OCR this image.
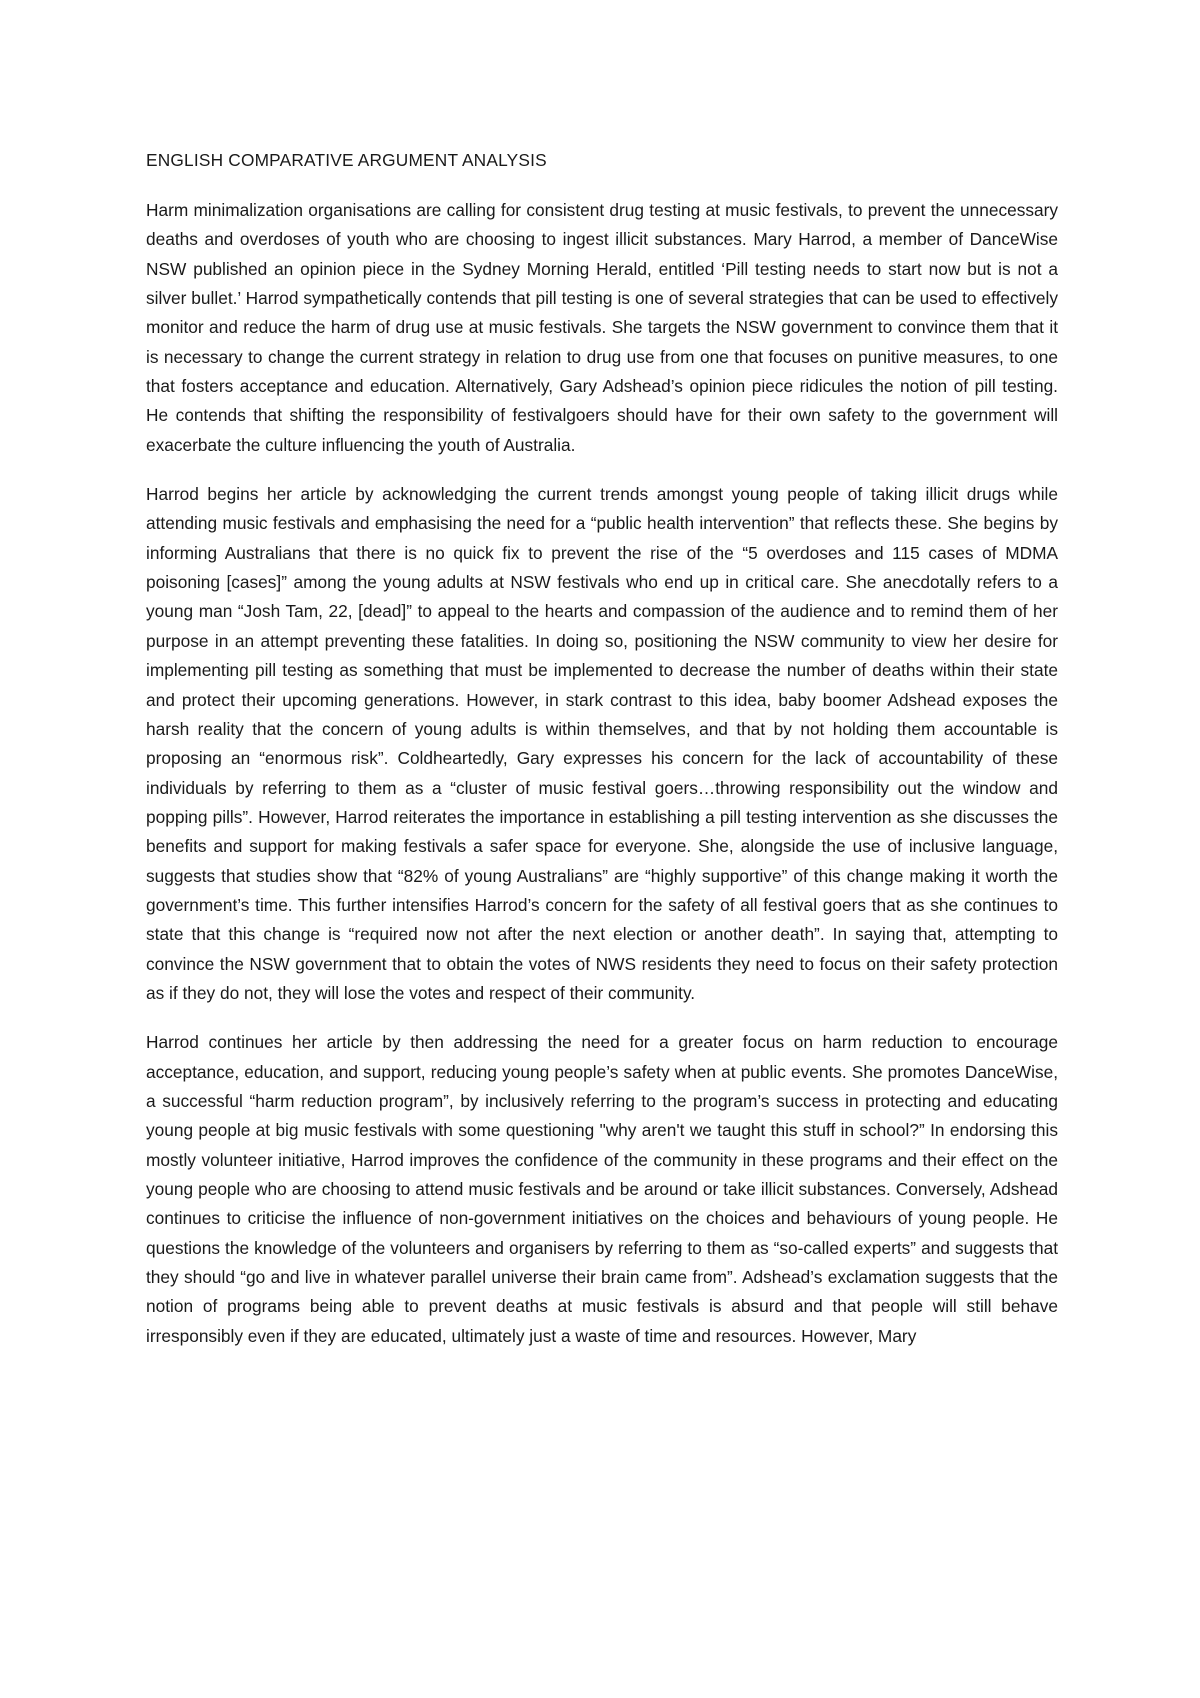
ENGLISH COMPARATIVE ARGUMENT ANALYSIS

Harm minimalization organisations are calling for consistent drug testing at music festivals, to prevent the unnecessary deaths and overdoses of youth who are choosing to ingest illicit substances. Mary Harrod, a member of DanceWise NSW published an opinion piece in the Sydney Morning Herald, entitled ‘Pill testing needs to start now but is not a silver bullet.’ Harrod sympathetically contends that pill testing is one of several strategies that can be used to effectively monitor and reduce the harm of drug use at music festivals. She targets the NSW government to convince them that it is necessary to change the current strategy in relation to drug use from one that focuses on punitive measures, to one that fosters acceptance and education. Alternatively, Gary Adshead’s opinion piece ridicules the notion of pill testing. He contends that shifting the responsibility of festivalgoers should have for their own safety to the government will exacerbate the culture influencing the youth of Australia.

Harrod begins her article by acknowledging the current trends amongst young people of taking illicit drugs while attending music festivals and emphasising the need for a “public health intervention” that reflects these. She begins by informing Australians that there is no quick fix to prevent the rise of the “5 overdoses and 115 cases of MDMA poisoning [cases]” among the young adults at NSW festivals who end up in critical care. She anecdotally refers to a young man “Josh Tam, 22, [dead]” to appeal to the hearts and compassion of the audience and to remind them of her purpose in an attempt preventing these fatalities. In doing so, positioning the NSW community to view her desire for implementing pill testing as something that must be implemented to decrease the number of deaths within their state and protect their upcoming generations. However, in stark contrast to this idea, baby boomer Adshead exposes the harsh reality that the concern of young adults is within themselves, and that by not holding them accountable is proposing an “enormous risk”. Coldheartedly, Gary expresses his concern for the lack of accountability of these individuals by referring to them as a “cluster of music festival goers…throwing responsibility out the window and popping pills”. However, Harrod reiterates the importance in establishing a pill testing intervention as she discusses the benefits and support for making festivals a safer space for everyone. She, alongside the use of inclusive language, suggests that studies show that “82% of young Australians” are “highly supportive” of this change making it worth the government’s time. This further intensifies Harrod’s concern for the safety of all festival goers that as she continues to state that this change is “required now not after the next election or another death”. In saying that, attempting to convince the NSW government that to obtain the votes of NWS residents they need to focus on their safety protection as if they do not, they will lose the votes and respect of their community.

Harrod continues her article by then addressing the need for a greater focus on harm reduction to encourage acceptance, education, and support, reducing young people’s safety when at public events. She promotes DanceWise, a successful “harm reduction program”, by inclusively referring to the program’s success in protecting and educating young people at big music festivals with some questioning "why aren't we taught this stuff in school?” In endorsing this mostly volunteer initiative, Harrod improves the confidence of the community in these programs and their effect on the young people who are choosing to attend music festivals and be around or take illicit substances. Conversely, Adshead continues to criticise the influence of non-government initiatives on the choices and behaviours of young people. He questions the knowledge of the volunteers and organisers by referring to them as “so-called experts” and suggests that they should “go and live in whatever parallel universe their brain came from”. Adshead’s exclamation suggests that the notion of programs being able to prevent deaths at music festivals is absurd and that people will still behave irresponsibly even if they are educated, ultimately just a waste of time and resources. However, Mary
